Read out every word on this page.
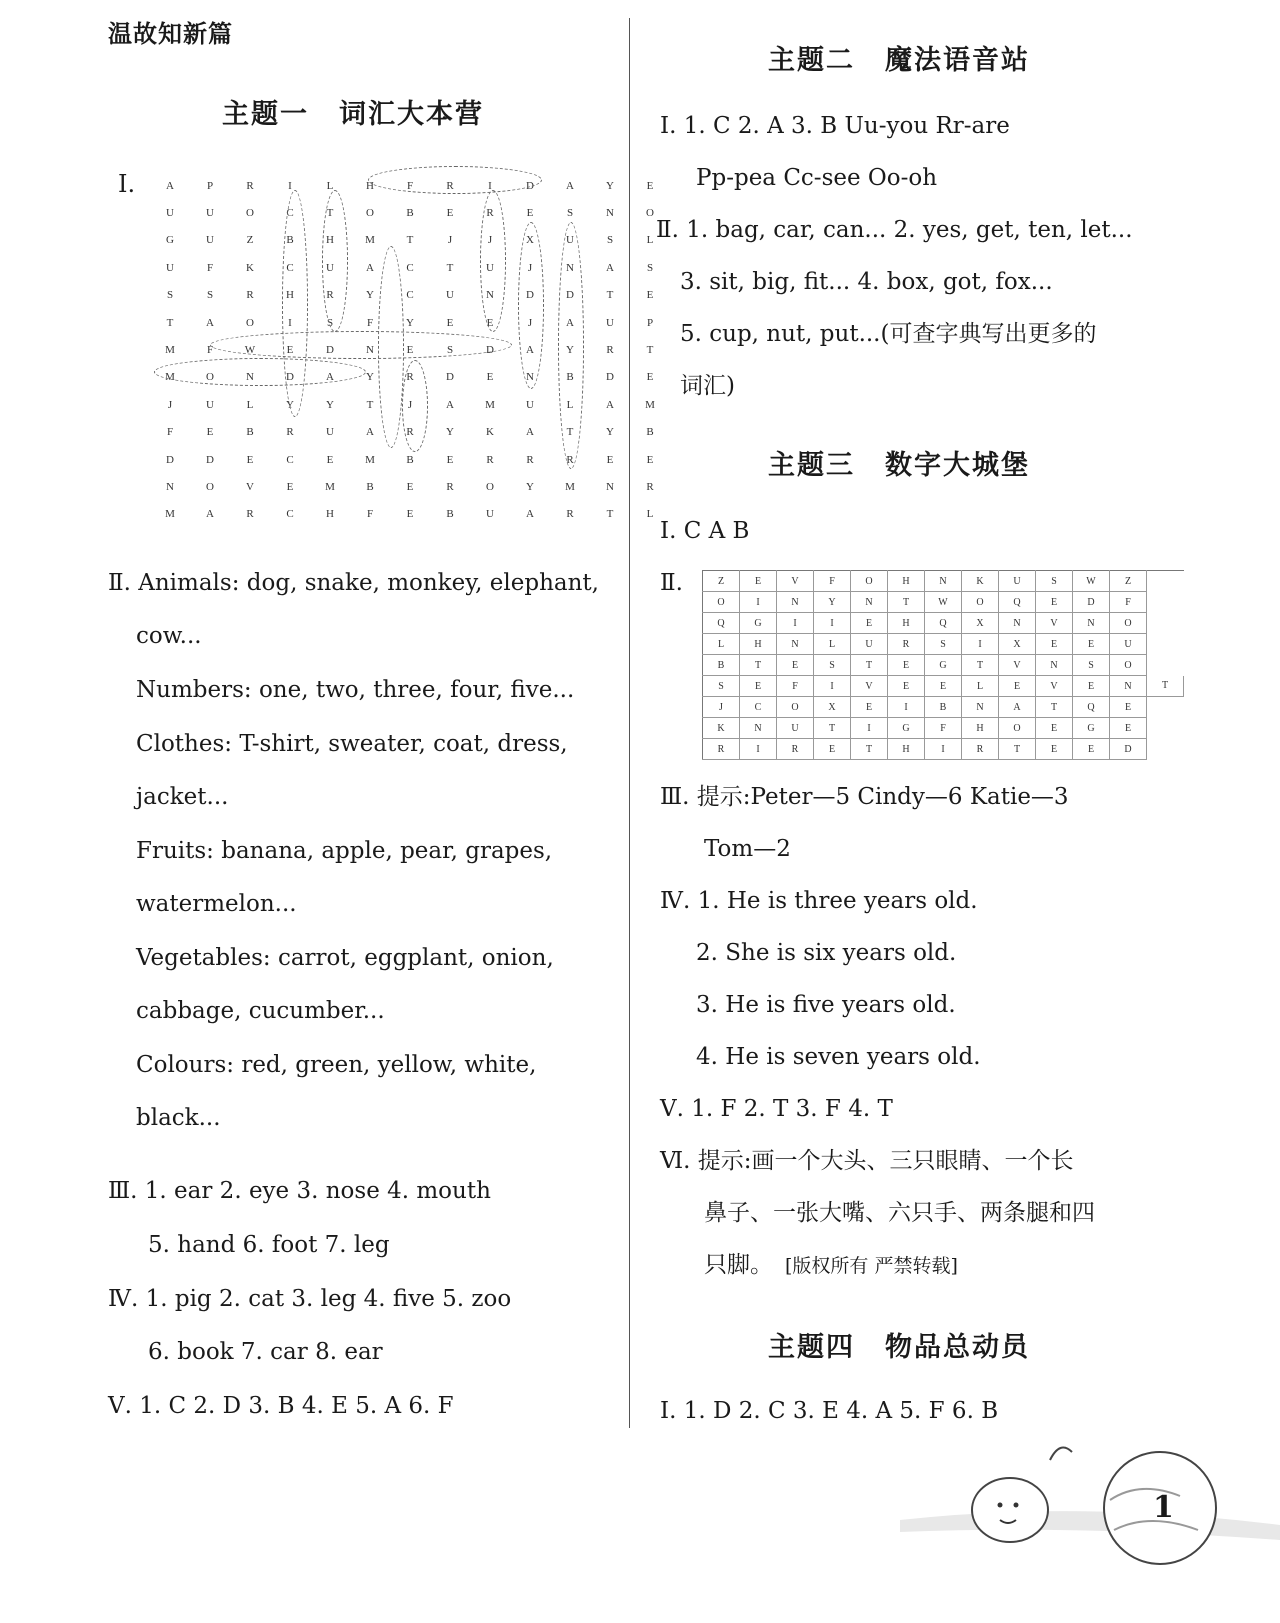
温故知新篇
主题一 词汇大本营
Ⅰ.	A	P	R	I	L	H	F	R	I	D	A	Y	E
U	U	O	C	T	O	B	E	R	E	S	N	O
G	U	Z	B	H	M	T	J	J	X	U	S	L
U	F	K	C	U	A	C	T	U	J	N	A	S
S	S	R	H	R	Y	C	U	N	D	D	T	E
T	A	O	I	S	F	Y	E	E	J	A	U	P
M	F	W	E	D	N	E	S	D	A	Y	R	T
M	O	N	D	A	Y	R	D	E	N	B	D	E
J	U	L	Y	Y	T	J	A	M	U	L	A	M
F	E	B	R	U	A	R	Y	K	A	T	Y	B
D	D	E	C	E	M	B	E	R	R	R	E	E
N	O	V	E	M	B	E	R	O	Y	M	N	R
M	A	R	C	H	F	E	B	U	A	R	T	L
Ⅱ. Animals: dog, snake, monkey, elephant,
cow...
Numbers: one, two, three, four, five...
Clothes: T-shirt, sweater, coat, dress,
jacket...
Fruits: banana, apple, pear, grapes,
watermelon...
Vegetables: carrot, eggplant, onion,
cabbage, cucumber...
Colours: red, green, yellow, white,
black...
Ⅲ. 1. ear 2. eye 3. nose 4. mouth
5. hand 6. foot 7. leg
Ⅳ. 1. pig 2. cat 3. leg 4. five 5. zoo
6. book 7. car 8. ear
Ⅴ. 1. C 2. D 3. B 4. E 5. A 6. F
主题二 魔法语音站
Ⅰ. 1. C 2. A 3. B Uu-you Rr-are
Pp-pea Cc-see Oo-oh
Ⅱ. 1. bag, car, can... 2. yes, get, ten, let...
3. sit, big, fit... 4. box, got, fox...
5. cup, nut, put...(可查字典写出更多的
词汇)
主题三 数字大城堡
Ⅰ. C A B
Ⅱ.	Z	E	V	F	O	H	N	K	U	S	W	Z	
O	I	N	Y	N	T	W	O	Q	E	D	F	
Q	G	I	I	E	H	Q	X	N	V	N	O	
L	H	N	L	U	R	S	I	X	E	E	U	
B	T	E	S	T	E	G	T	V	N	S	O	
S	E	F	I	V	E	E	L	E	V	E	N	T
J	C	O	X	E	I	B	N	A	T	Q	E	
K	N	U	T	I	G	F	H	O	E	G	E	
R	I	R	E	T	H	I	R	T	E	E	D	
Ⅲ. 提示:Peter—5 Cindy—6 Katie—3
Tom—2
Ⅳ. 1. He is three years old.
2. She is six years old.
3. He is five years old.
4. He is seven years old.
Ⅴ. 1. F 2. T 3. F 4. T
Ⅵ. 提示:画一个大头、三只眼睛、一个长
鼻子、一张大嘴、六只手、两条腿和四
只脚。 [版权所有 严禁转载]
主题四 物品总动员
Ⅰ. 1. D 2. C 3. E 4. A 5. F 6. B
1
